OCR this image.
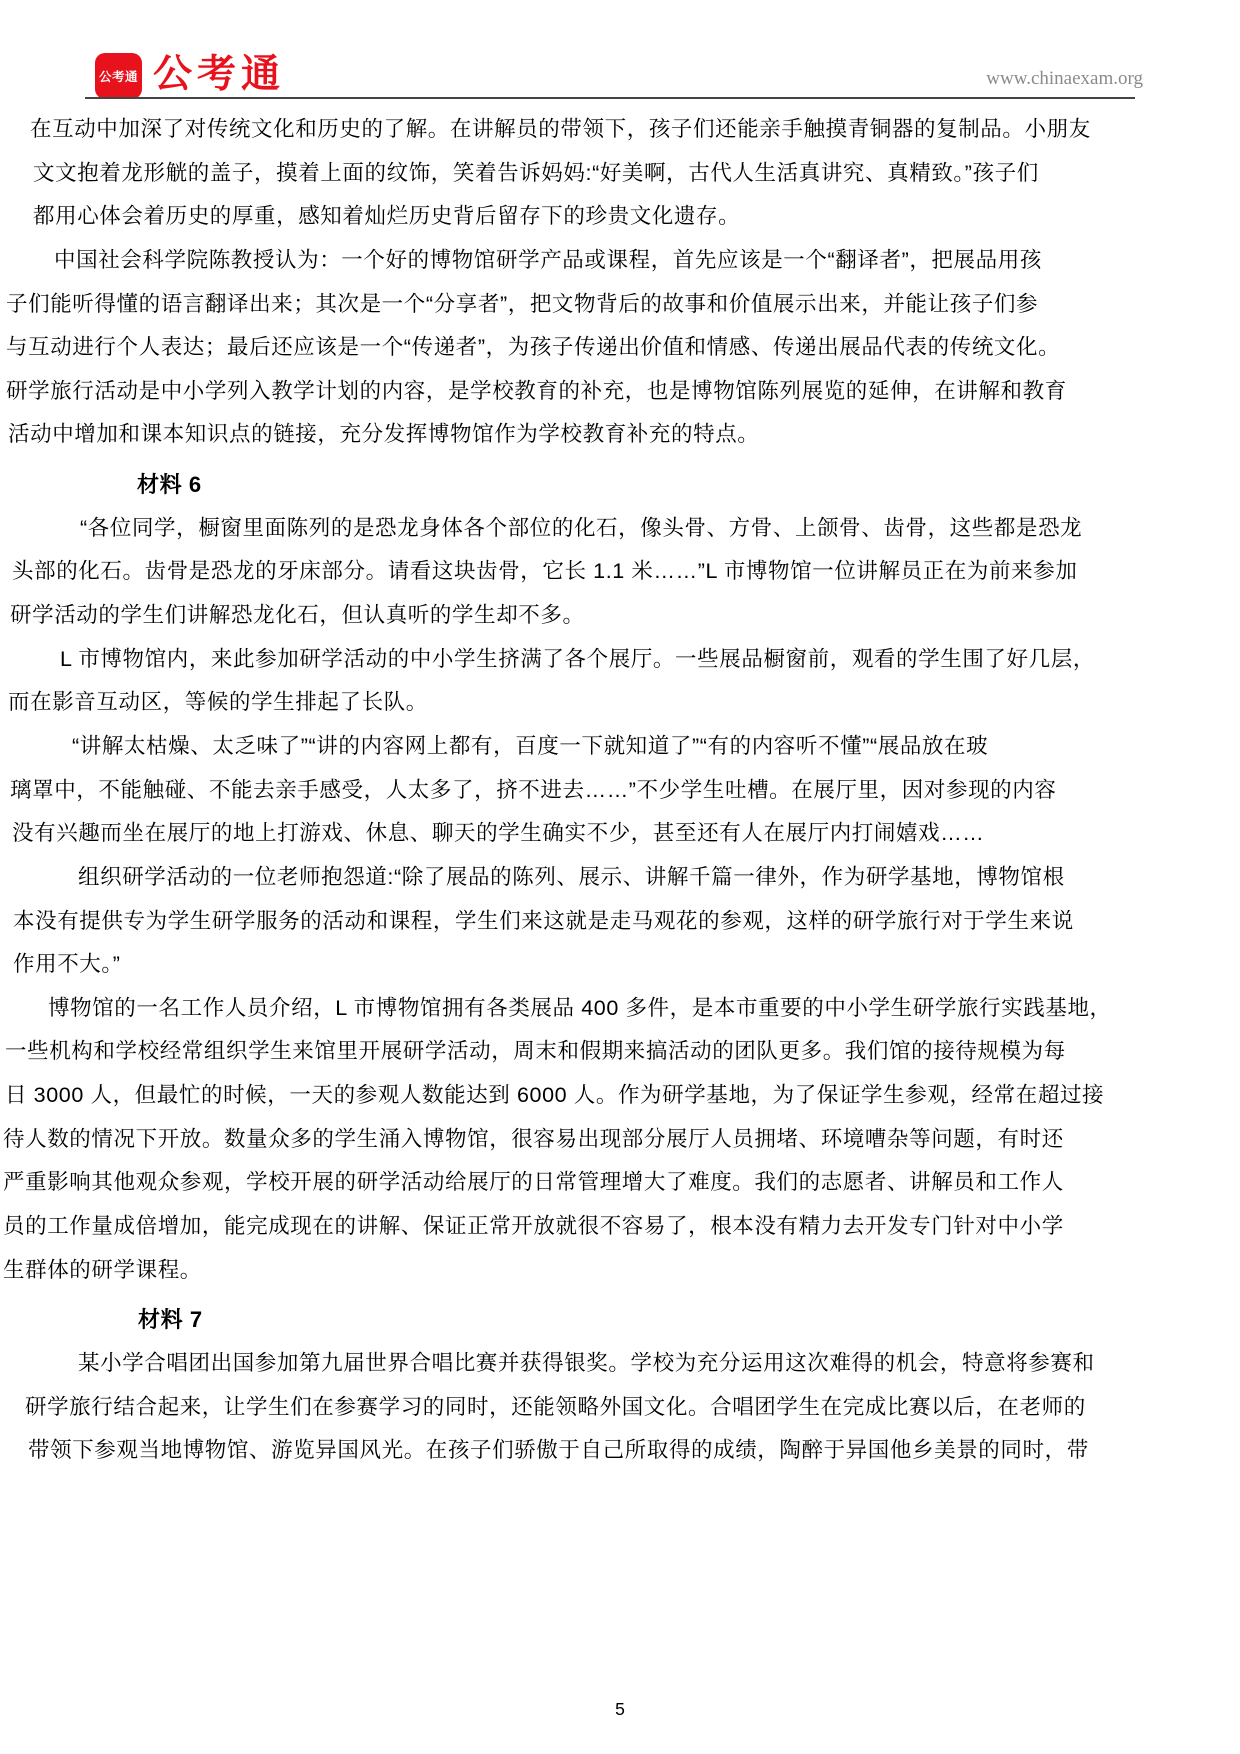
公考通 公考通	www.chinaexam.org
在互动中加深了对传统文化和历史的了解。在讲解员的带领下，孩子们还能亲手触摸青铜器的复制品。小朋友
文文抱着龙形觥的盖子，摸着上面的纹饰，笑着告诉妈妈:“好美啊，古代人生活真讲究、真精致。”孩子们
都用心体会着历史的厚重，感知着灿烂历史背后留存下的珍贵文化遗存。
中国社会科学院陈教授认为：一个好的博物馆研学产品或课程，首先应该是一个“翻译者”，把展品用孩
子们能听得懂的语言翻译出来；其次是一个“分享者”，把文物背后的故事和价值展示出来，并能让孩子们参
与互动进行个人表达；最后还应该是一个“传递者”，为孩子传递出价值和情感、传递出展品代表的传统文化。
研学旅行活动是中小学列入教学计划的内容，是学校教育的补充，也是博物馆陈列展览的延伸，在讲解和教育
活动中增加和课本知识点的链接，充分发挥博物馆作为学校教育补充的特点。
材料 6
“各位同学，橱窗里面陈列的是恐龙身体各个部位的化石，像头骨、方骨、上颌骨、齿骨，这些都是恐龙
头部的化石。齿骨是恐龙的牙床部分。请看这块齿骨，它长 1.1 米……”L 市博物馆一位讲解员正在为前来参加
研学活动的学生们讲解恐龙化石，但认真听的学生却不多。
L 市博物馆内，来此参加研学活动的中小学生挤满了各个展厅。一些展品橱窗前，观看的学生围了好几层，
而在影音互动区，等候的学生排起了长队。
“讲解太枯燥、太乏味了”“讲的内容网上都有，百度一下就知道了”“有的内容听不懂”“展品放在玻
璃罩中，不能触碰、不能去亲手感受，人太多了，挤不进去……”不少学生吐槽。在展厅里，因对参现的内容
没有兴趣而坐在展厅的地上打游戏、休息、聊天的学生确实不少，甚至还有人在展厅内打闹嬉戏……
组织研学活动的一位老师抱怨道:“除了展品的陈列、展示、讲解千篇一律外，作为研学基地，博物馆根
本没有提供专为学生研学服务的活动和课程，学生们来这就是走马观花的参观，这样的研学旅行对于学生来说
作用不大。”
博物馆的一名工作人员介绍，L 市博物馆拥有各类展品 400 多件，是本市重要的中小学生研学旅行实践基地，
一些机构和学校经常组织学生来馆里开展研学活动，周末和假期来搞活动的团队更多。我们馆的接待规模为每
日 3000 人，但最忙的时候，一天的参观人数能达到 6000 人。作为研学基地，为了保证学生参观，经常在超过接
待人数的情况下开放。数量众多的学生涌入博物馆，很容易出现部分展厅人员拥堵、环境嘈杂等问题，有时还
严重影响其他观众参观，学校开展的研学活动给展厅的日常管理增大了难度。我们的志愿者、讲解员和工作人
员的工作量成倍增加，能完成现在的讲解、保证正常开放就很不容易了，根本没有精力去开发专门针对中小学
生群体的研学课程。
材料 7
某小学合唱团出国参加第九届世界合唱比赛并获得银奖。学校为充分运用这次难得的机会，特意将参赛和
研学旅行结合起来，让学生们在参赛学习的同时，还能领略外国文化。合唱团学生在完成比赛以后，在老师的
带领下参观当地博物馆、游览异国风光。在孩子们骄傲于自己所取得的成绩，陶醉于异国他乡美景的同时，带
5
